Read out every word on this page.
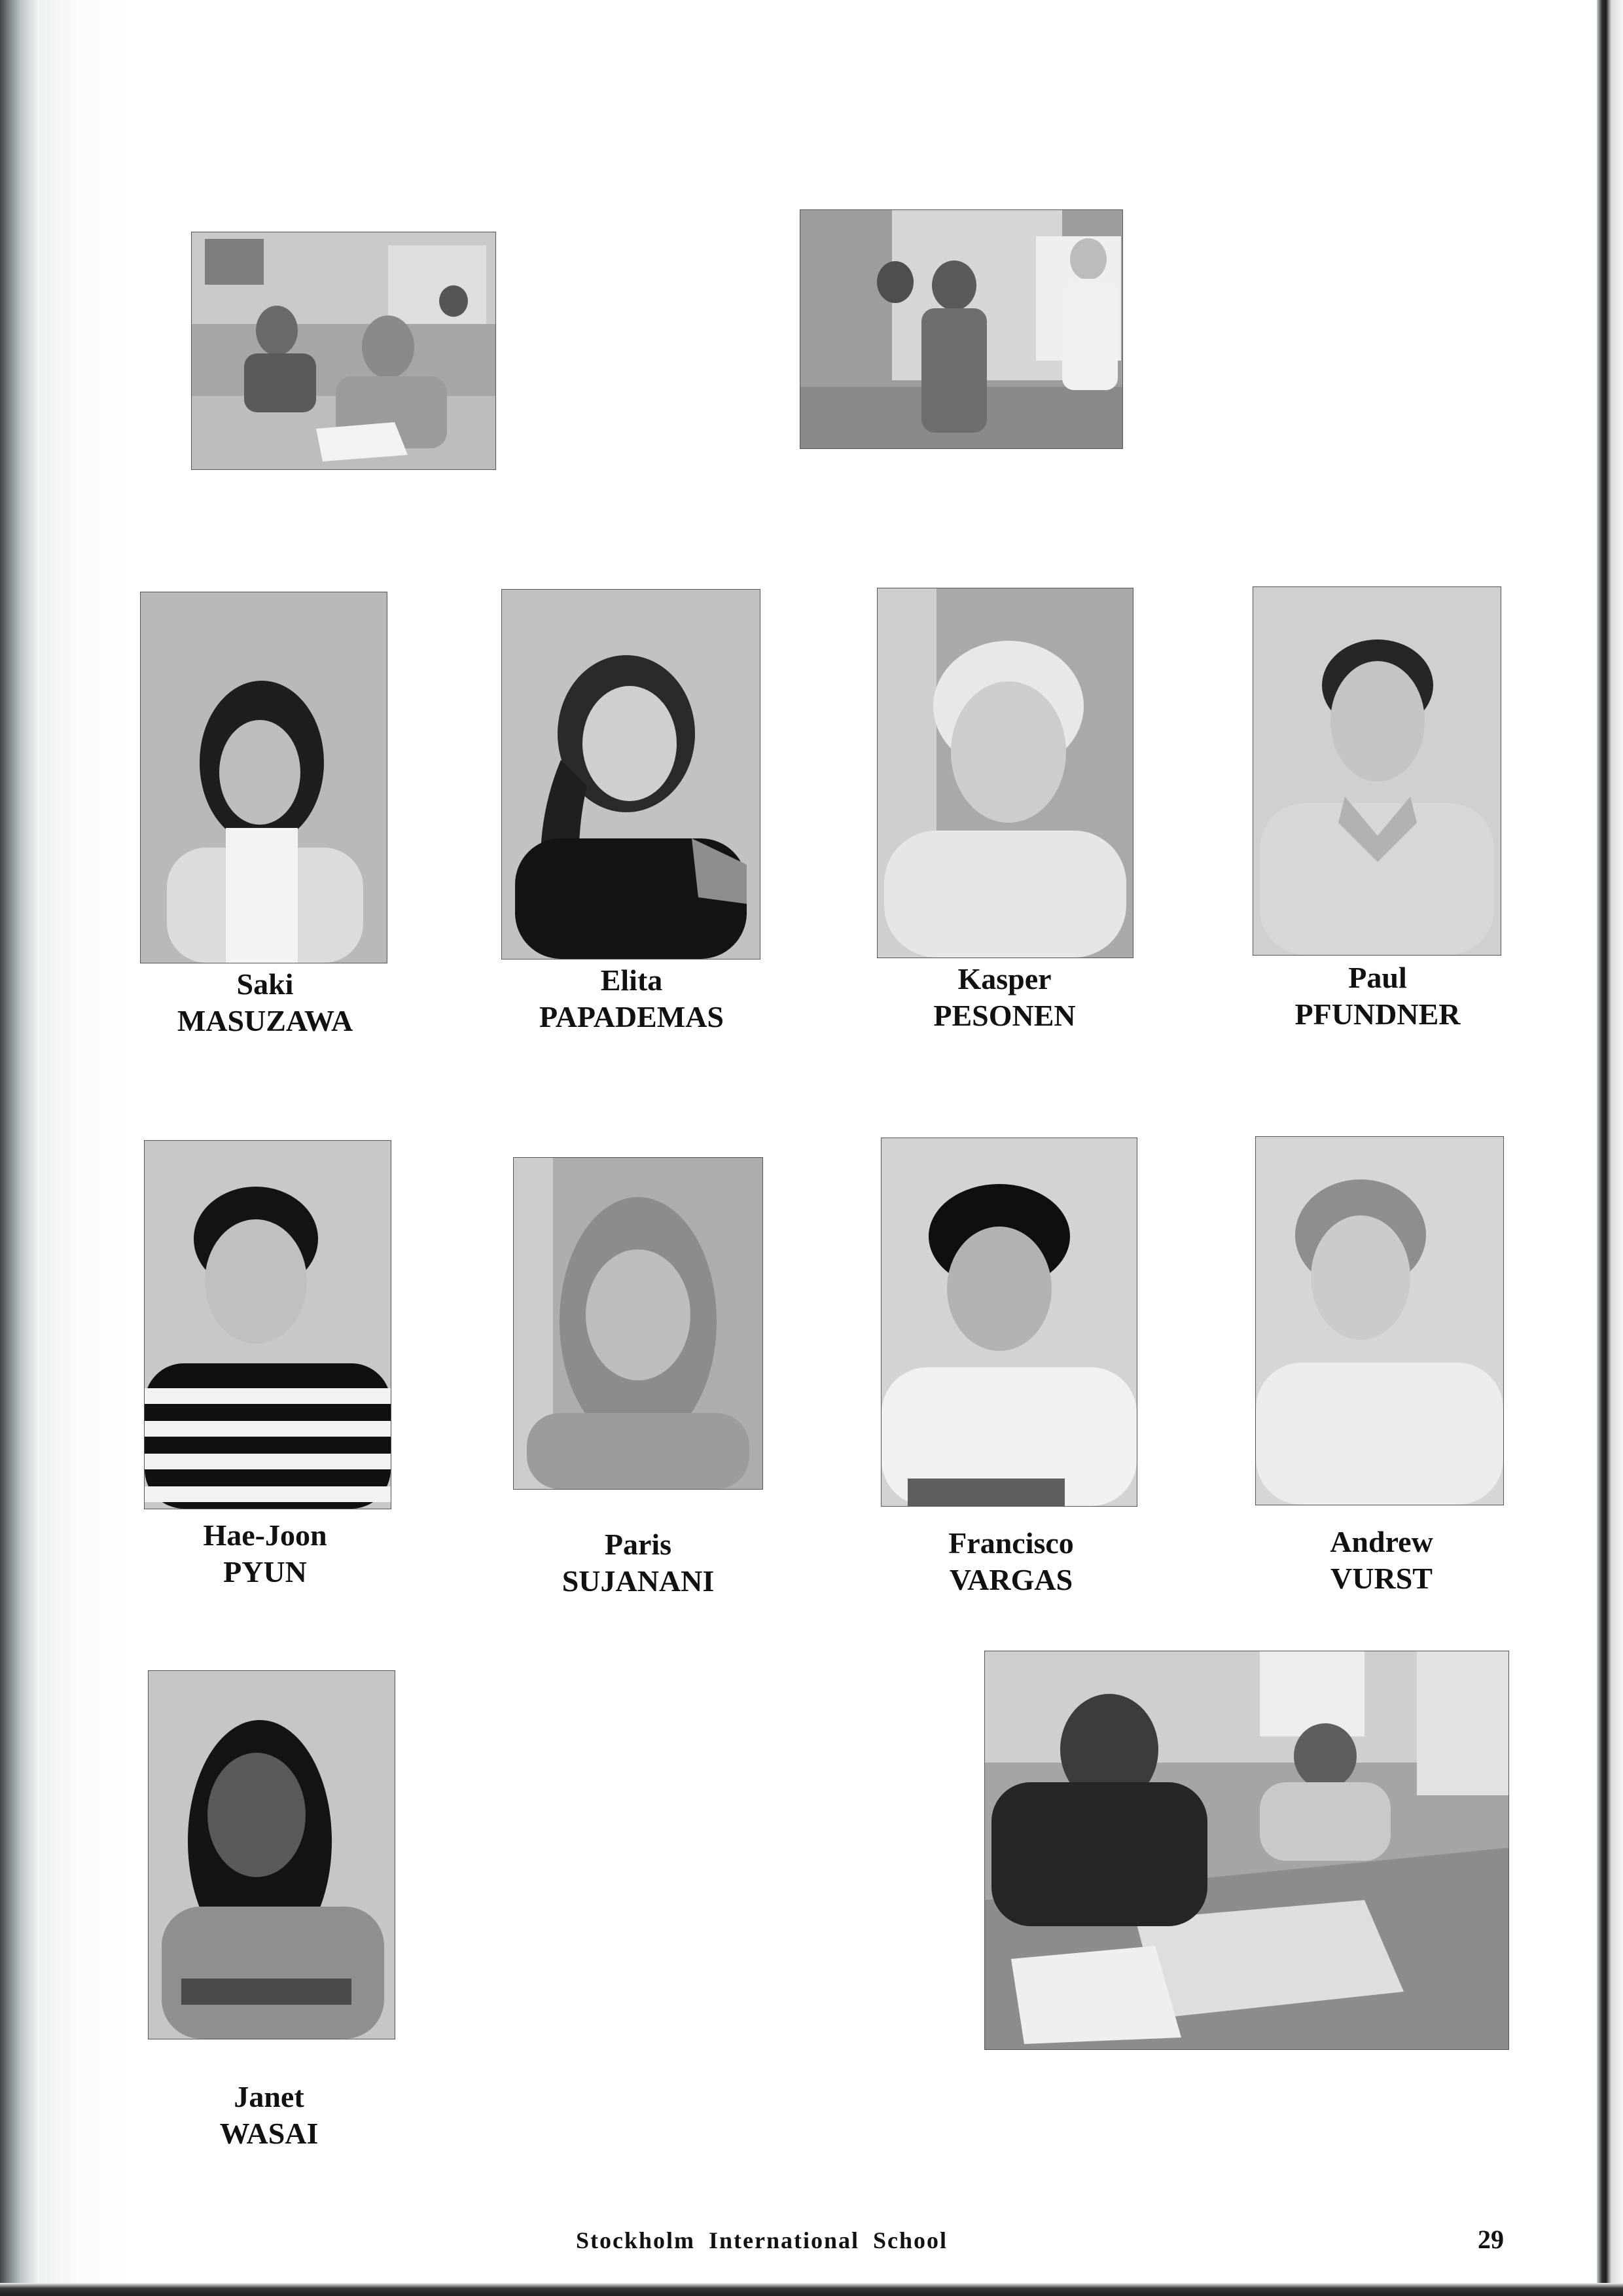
Saki
MASUZAWA
Elita
PAPADEMAS
Kasper
PESONEN
Paul
PFUNDNER
Hae-Joon
PYUN
Paris
SUJANANI
Francisco
VARGAS
Andrew
VURST
Janet
WASAI
Stockholm International School	29
